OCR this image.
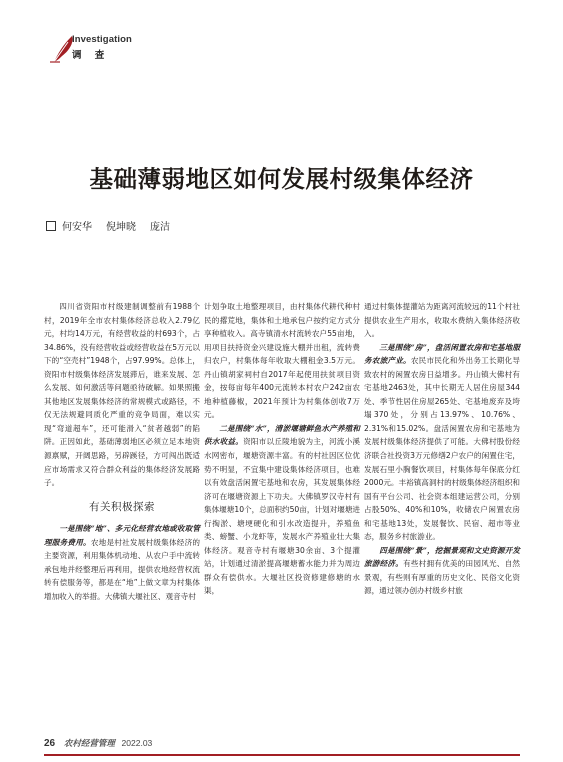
Investigation
调 查
基础薄弱地区如何发展村级集体经济
何安华 倪坤晓 庞洁

四川省资阳市村级建制调整前有1988个村，2019年全市农村集体经济总收入2.79亿元，村均14万元，有经营收益的村693个，占34.86%，没有经营收益或经营收益在5万元以下的“空壳村”1948个，占97.99%。总体上，资阳市村级集体经济发展滞后，谁来发展、怎么发展、如何激活等问题亟待破解。如果照搬其他地区发展集体经济的常规模式或路径，不仅无法规避同质化严重的竞争局面，难以实现“弯道超车”，还可能滑入“贫者越弱”的陷阱。正因如此，基础薄弱地区必须立足本地资源禀赋，开阔思路，另辟蹊径，方可闯出既适应市场需求又符合群众利益的集体经济发展路子。

有关积极探索

一是围绕“地”、多元化经营农地或收取管理服务费用。农地是村社发展村级集体经济的主要资源，利用集体机动地、从农户手中流转承包地并经整理后再利用，提供农地经营权流转有偿服务等，都是在“地”上做文章为村集体增加收入的举措。大佛镇大堰社区、观音寺村

计划争取土地整理项目，由村集体代耕代种村民的撂荒地，集体和土地承包户按约定方式分享种植收入。高寺镇清水村流转农户55亩地，用项目扶持资金兴建设施大棚并出租，流转费归农户，村集体每年收取大棚租金3.5万元。丹山镇胡家祠村自2017年起使用扶贫项目资金，按每亩每年400元流转本村农户242亩农地种植藤椒，2021年预计为村集体创收7万元。

二是围绕“水”，清淤堰塘鲜鱼水产养殖和供水收益。资阳市以丘陵地貌为主，河流小溪水网密布，堰塘资源丰富。有的村社因区位优势不明显，不宜集中建设集体经济项目，也难以有效盘活闲置宅基地和农房，其发展集体经济可在堰塘资源上下功夫。大佛镇罗汉寺村有集体堰塘10个，总面积约50亩，计划对堰塘进行掏淤、塘埂硬化和引水改造提升，养殖鱼类、螃蟹、小龙虾等，发展水产养殖业壮大集体经济。观音寺村有堰塘30余亩、3个提灌站，计划通过清淤提高堰塘蓄水能力并为周边群众有偿供水。大堰社区投资修建修塘的水渠，

通过村集体提灌站为距离河流较远的11个村社提供农业生产用水，收取水费纳入集体经济收入。

三是围绕“房”，盘活闲置农房和宅基地服务农旅产业。农民市民化和外出务工长期化导致农村的闲置农房日益增多。丹山镇大佛村有宅基地2463处，其中长期无人居住房屋344处、季节性居住房屋265处、宅基地废弃及垮塌370处，分别占13.97%、10.76%、2.31%和15.02%。盘活闲置农房和宅基地为发展村级集体经济提供了可能。大佛村股份经济联合社投资3万元修缮2户农户的闲置住宅，发展石里小胸餐饮项目，村集体每年保底分红2000元。丰裕镇高洞村的村级集体经济组织和国有平台公司、社会资本组建运营公司，分别占股50%、40%和10%，收储农户闲置农房和宅基地13处，发展餐饮、民宿、超市等业态，服务乡村旅游业。

四是围绕“景”，挖掘景观和文史资源开发旅游经济。有些村拥有优美的田园风光、自然景观，有些则有厚重的历史文化、民俗文化资源，通过领办创办村级乡村旅

26 农村经营管理 2022.03
